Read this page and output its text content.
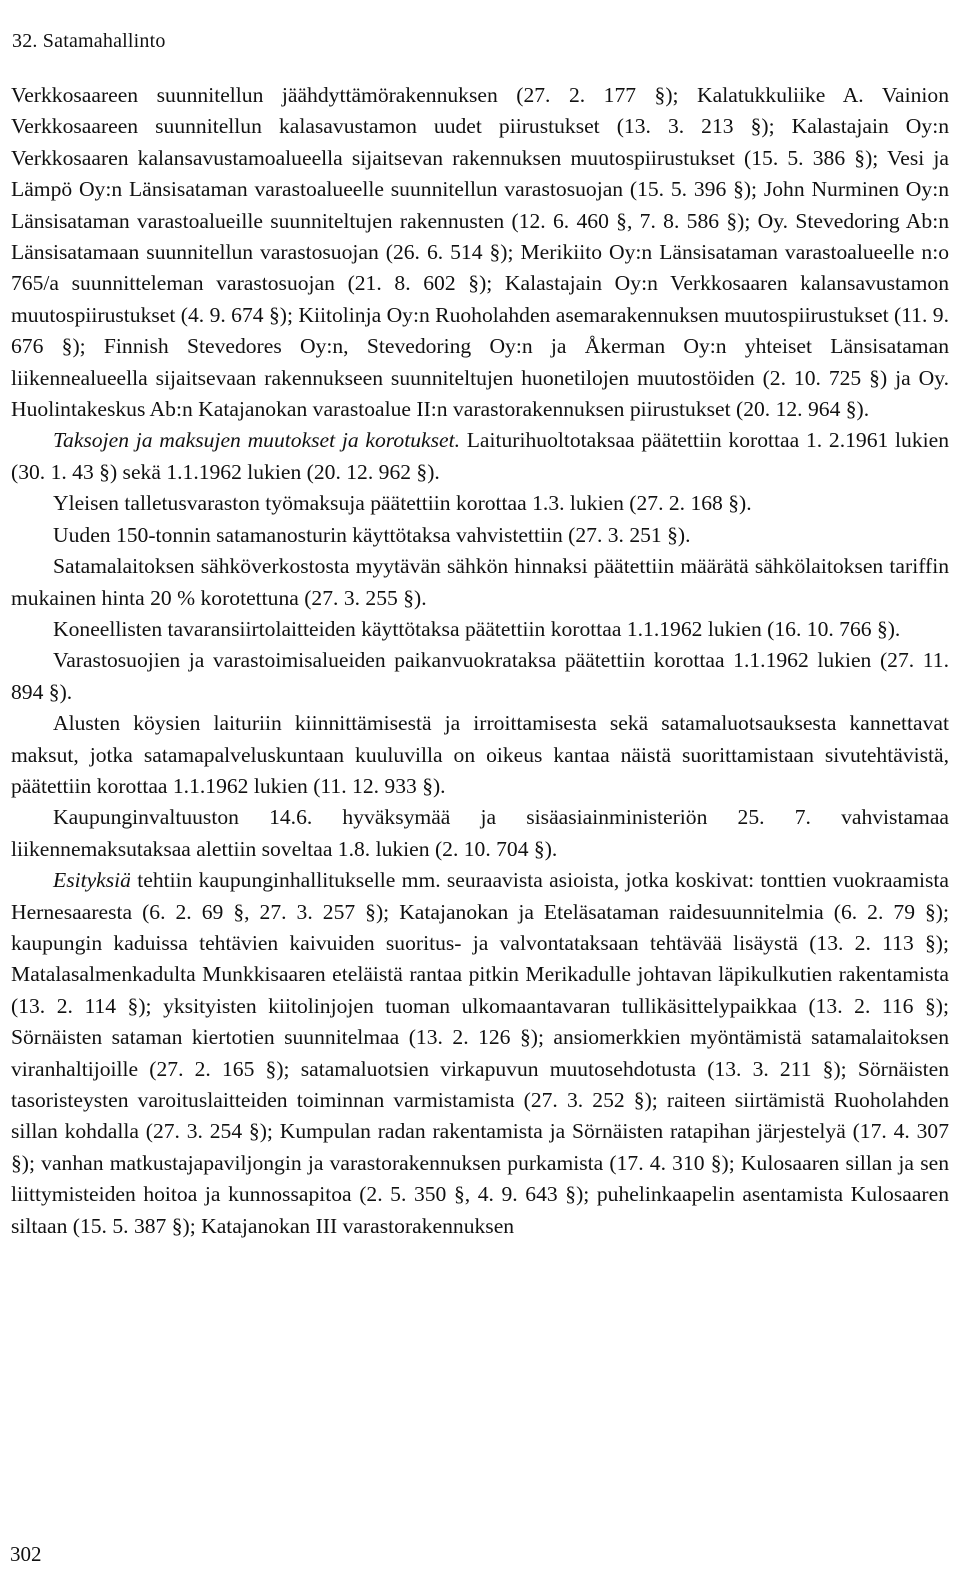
32. Satamahallinto

Verkkosaareen suunnitellun jäähdyttämörakennuksen (27. 2. 177 §); Kalatukkuliike A. Vainion Verkkosaareen suunnitellun kalasavustamon uudet piirustukset (13. 3. 213 §); Kalastajain Oy:n Verkkosaaren kalansavustamoalueella sijaitsevan rakennuksen muutospiirustukset (15. 5. 386 §); Vesi ja Lämpö Oy:n Länsisataman varastoalueelle suunnitellun varastosuojan (15. 5. 396 §); John Nurminen Oy:n Länsisataman varastoalueille suunniteltujen rakennusten (12. 6. 460 §, 7. 8. 586 §); Oy. Stevedoring Ab:n Länsisatamaan suunnitellun varastosuojan (26. 6. 514 §); Merikiito Oy:n Länsisataman varastoalueelle n:o 765/a suunnitteleman varastosuojan (21. 8. 602 §); Kalastajain Oy:n Verkkosaaren kalansavustamon muutospiirustukset (4. 9. 674 §); Kiitolinja Oy:n Ruoholahden asemarakennuksen muutospiirustukset (11. 9. 676 §); Finnish Stevedores Oy:n, Stevedoring Oy:n ja Åkerman Oy:n yhteiset Länsisataman liikennealueella sijaitsevaan rakennukseen suunniteltujen huonetilojen muutostöiden (2. 10. 725 §) ja Oy. Huolintakeskus Ab:n Katajanokan varastoalue II:n varastorakennuksen piirustukset (20. 12. 964 §).

Taksojen ja maksujen muutokset ja korotukset. Laiturihuoltotaksaa päätettiin korottaa 1. 2.1961 lukien (30. 1. 43 §) sekä 1.1.1962 lukien (20. 12. 962 §).

Yleisen talletusvaraston työmaksuja päätettiin korottaa 1.3. lukien (27. 2. 168 §).

Uuden 150-tonnin satamanosturin käyttötaksa vahvistettiin (27. 3. 251 §).

Satamalaitoksen sähköverkostosta myytävän sähkön hinnaksi päätettiin määrätä sähkölaitoksen tariffin mukainen hinta 20 % korotettuna (27. 3. 255 §).

Koneellisten tavaransiirtolaitteiden käyttötaksa päätettiin korottaa 1.1.1962 lukien (16. 10. 766 §).

Varastosuojien ja varastoimisalueiden paikanvuokrataksa päätettiin korottaa 1.1.1962 lukien (27. 11. 894 §).

Alusten köysien laituriin kiinnittämisestä ja irroittamisesta sekä satamaluotsauksesta kannettavat maksut, jotka satamapalveluskuntaan kuuluvilla on oikeus kantaa näistä suorittamistaan sivutehtävistä, päätettiin korottaa 1.1.1962 lukien (11. 12. 933 §).

Kaupunginvaltuuston 14.6. hyväksymää ja sisäasiainministeriön 25. 7. vahvistamaa liikennemaksutaksaa alettiin soveltaa 1.8. lukien (2. 10. 704 §).

Esityksiä tehtiin kaupunginhallitukselle mm. seuraavista asioista, jotka koskivat: tonttien vuokraamista Hernesaaresta (6. 2. 69 §, 27. 3. 257 §); Katajanokan ja Eteläsataman raidesuunnitelmia (6. 2. 79 §); kaupungin kaduissa tehtävien kaivuiden suoritus- ja valvontataksaan tehtävää lisäystä (13. 2. 113 §); Matalasalmenkadulta Munkkisaaren eteläistä rantaa pitkin Merikadulle johtavan läpikulkutien rakentamista (13. 2. 114 §); yksityisten kiitolinjojen tuoman ulkomaantavaran tullikäsittelypaikkaa (13. 2. 116 §); Sörnäisten sataman kiertotien suunnitelmaa (13. 2. 126 §); ansiomerkkien myöntämistä satamalaitoksen viranhaltijoille (27. 2. 165 §); satamaluotsien virkapuvun muutosehdotusta (13. 3. 211 §); Sörnäisten tasoristeysten varoituslaitteiden toiminnan varmistamista (27. 3. 252 §); raiteen siirtämistä Ruoholahden sillan kohdalla (27. 3. 254 §); Kumpulan radan rakentamista ja Sörnäisten ratapihan järjestelyä (17. 4. 307 §); vanhan matkustajapaviljongin ja varastorakennuksen purkamista (17. 4. 310 §); Kulosaaren sillan ja sen liittymisteiden hoitoa ja kunnossapitoa (2. 5. 350 §, 4. 9. 643 §); puhelinkaapelin asentamista Kulosaaren siltaan (15. 5. 387 §); Katajanokan III varastorakennuksen

302
